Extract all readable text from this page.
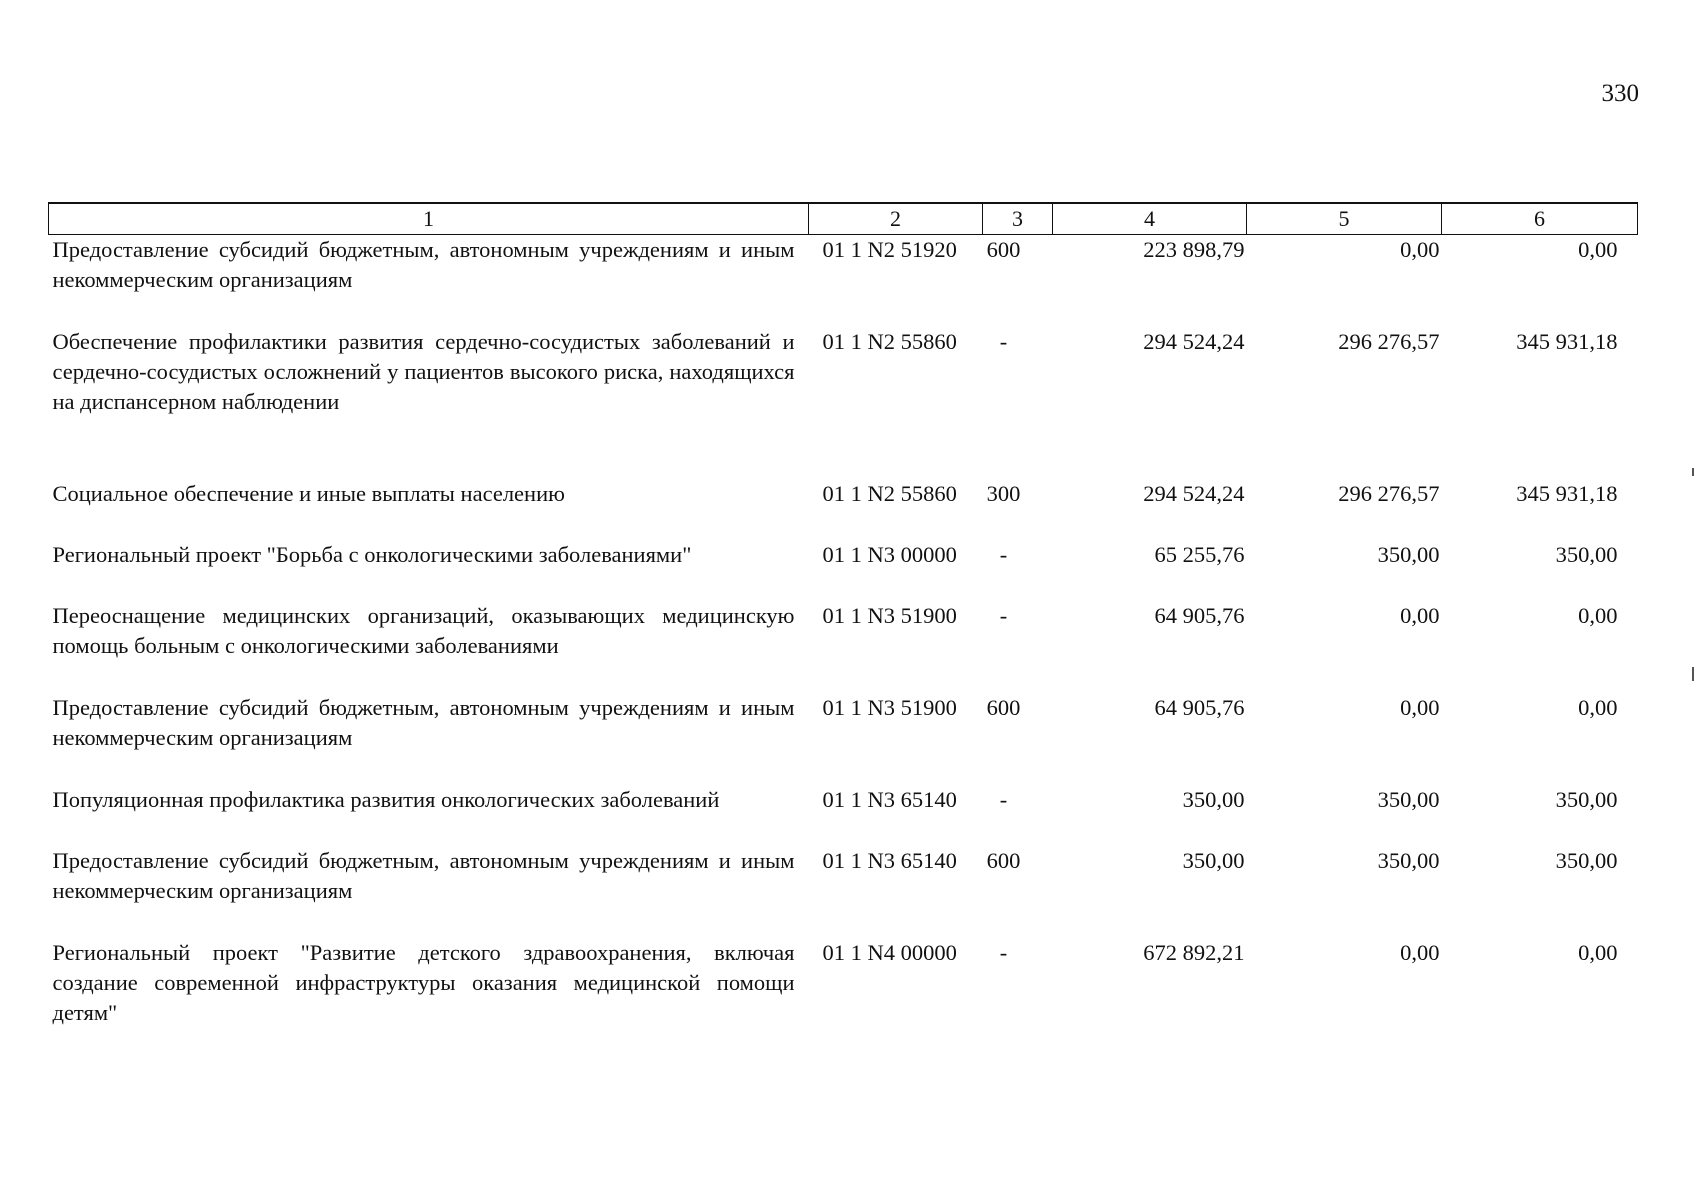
330
1	2	3	4	5	6
Предоставление субсидий бюджетным, автономным учреждениям и иным некоммерческим организациям	01 1 N2 51920	600	223 898,79	0,00	0,00
Обеспечение профилактики развития сердечно-сосудистых заболеваний и сердечно-сосудистых осложнений у пациентов высокого риска, находящихся на диспансерном наблюдении	01 1 N2 55860	-	294 524,24	296 276,57	345 931,18
Социальное обеспечение и иные выплаты населению	01 1 N2 55860	300	294 524,24	296 276,57	345 931,18
Региональный проект "Борьба с онкологическими заболеваниями"	01 1 N3 00000	-	65 255,76	350,00	350,00
Переоснащение медицинских организаций, оказывающих медицинскую помощь больным с онкологическими заболеваниями	01 1 N3 51900	-	64 905,76	0,00	0,00
Предоставление субсидий бюджетным, автономным учреждениям и иным некоммерческим организациям	01 1 N3 51900	600	64 905,76	0,00	0,00
Популяционная профилактика развития онкологических заболеваний	01 1 N3 65140	-	350,00	350,00	350,00
Предоставление субсидий бюджетным, автономным учреждениям и иным некоммерческим организациям	01 1 N3 65140	600	350,00	350,00	350,00
Региональный проект "Развитие детского здравоохранения, включая создание современной инфраструктуры оказания медицинской помощи детям"	01 1 N4 00000	-	672 892,21	0,00	0,00
